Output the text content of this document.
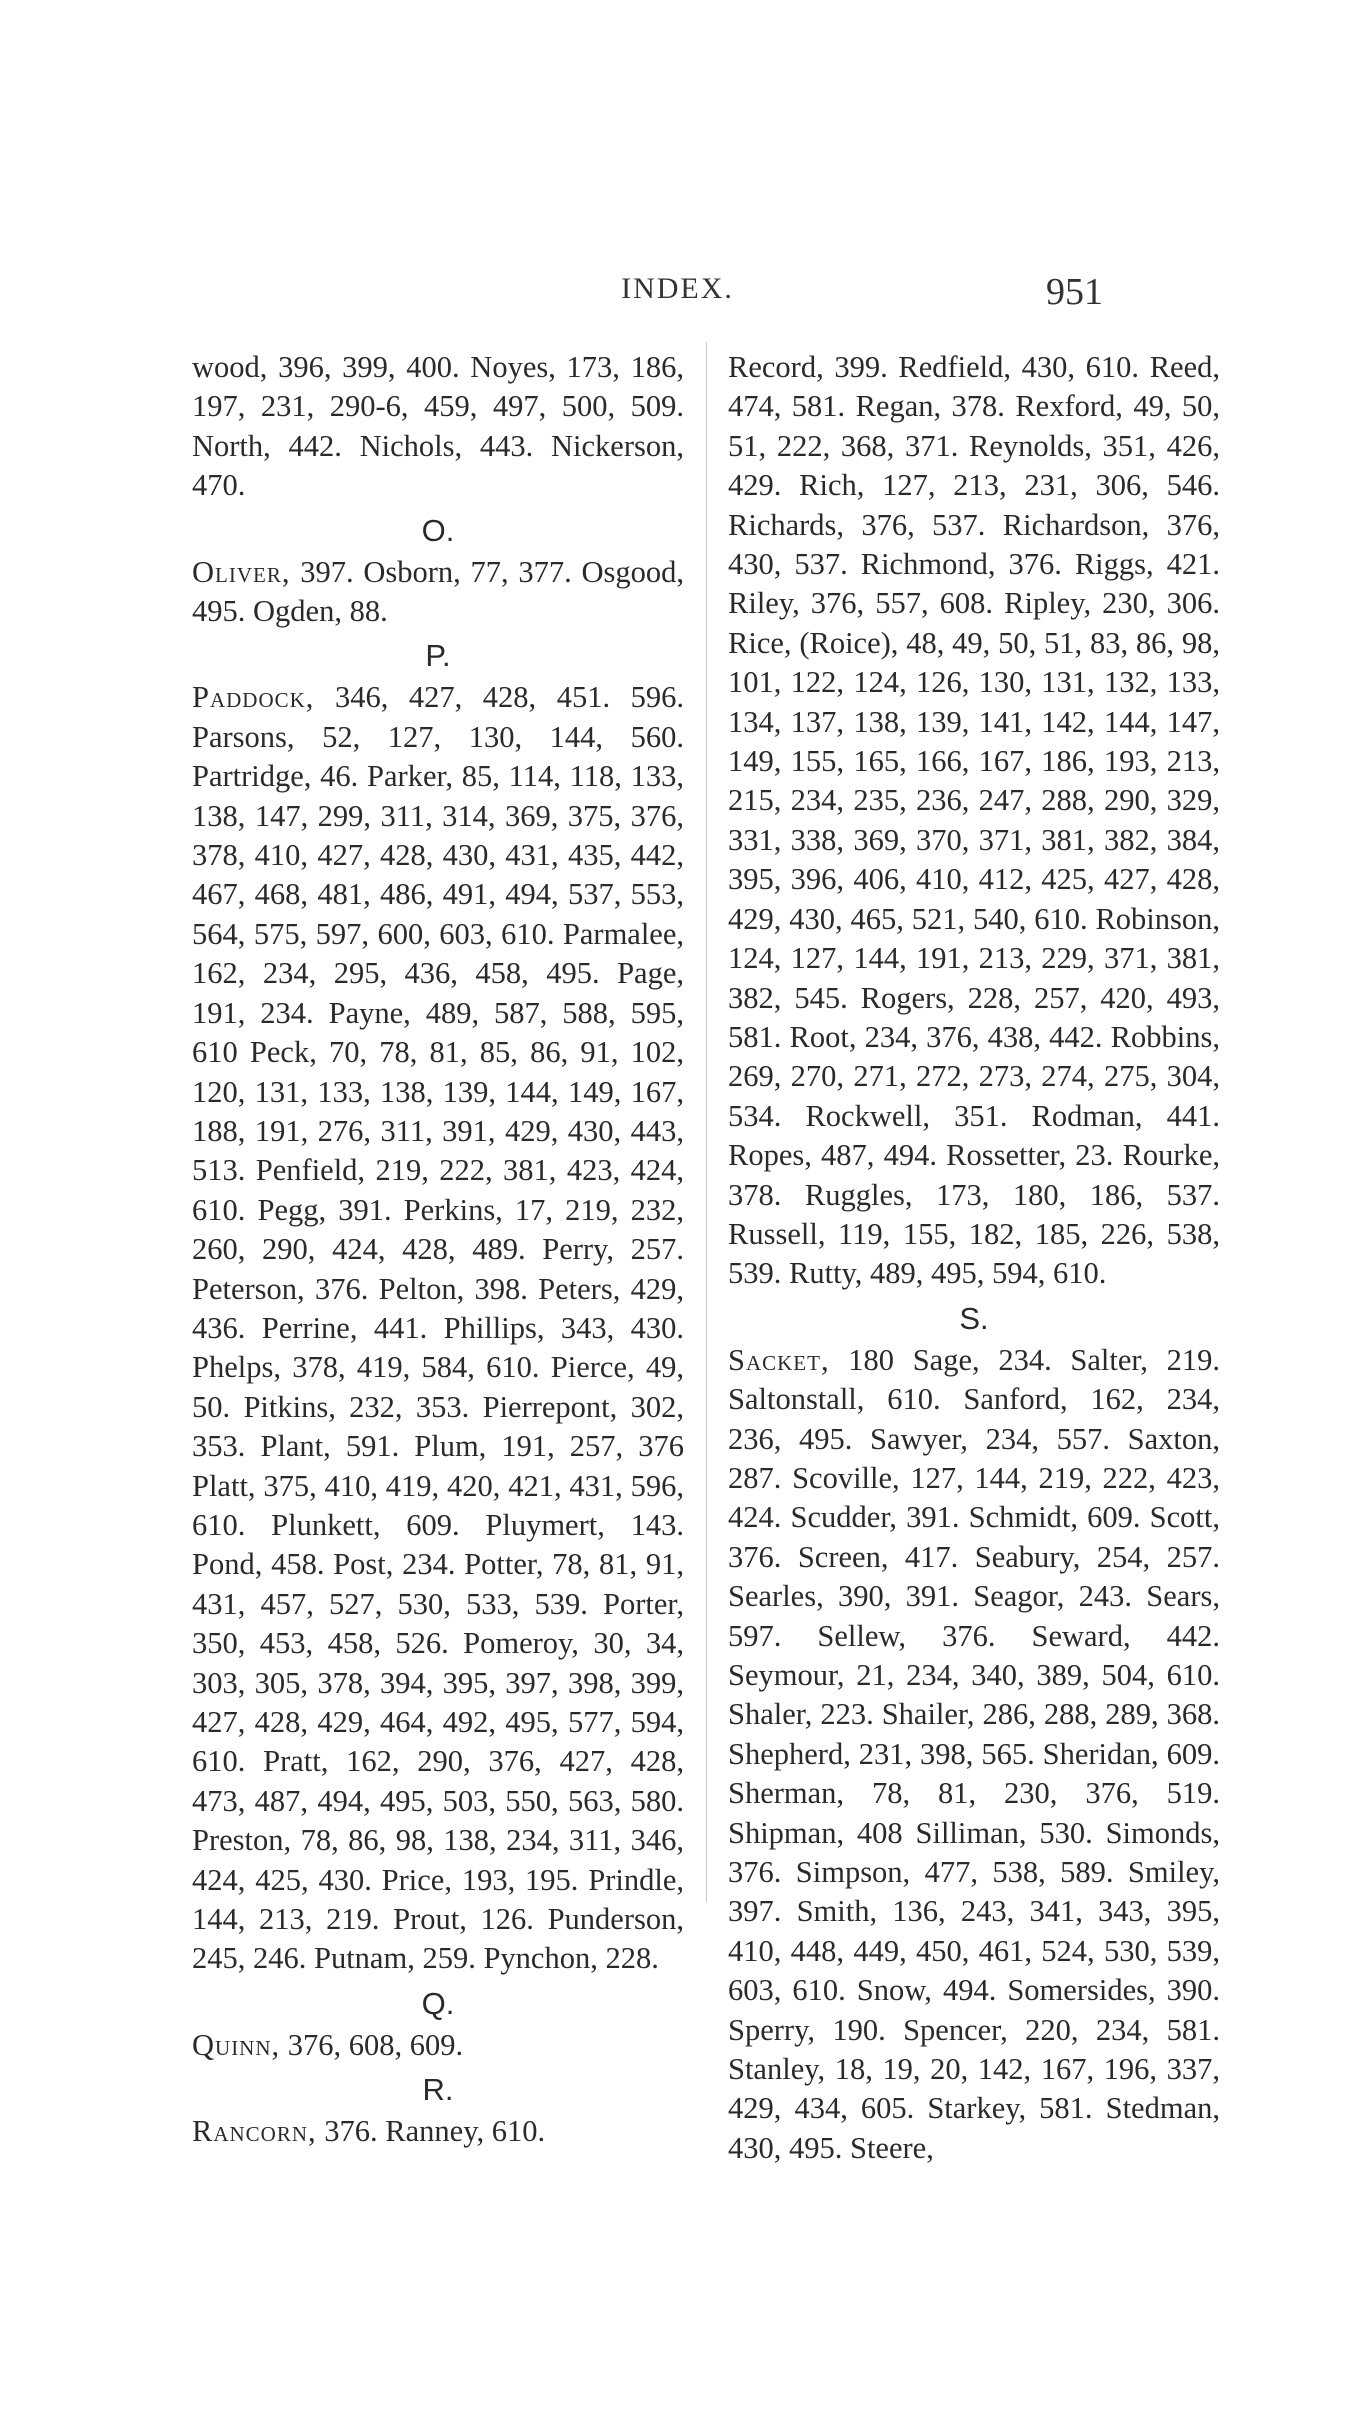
INDEX.	951

wood, 396, 399, 400. Noyes, 173, 186, 197, 231, 290-6, 459, 497, 500, 509. North, 442. Nichols, 443. Nickerson, 470.

O.

Oliver, 397. Osborn, 77, 377. Osgood, 495. Ogden, 88.

P.

Paddock, 346, 427, 428, 451. 596. Parsons, 52, 127, 130, 144, 560. Partridge, 46. Parker, 85, 114, 118, 133, 138, 147, 299, 311, 314, 369, 375, 376, 378, 410, 427, 428, 430, 431, 435, 442, 467, 468, 481, 486, 491, 494, 537, 553, 564, 575, 597, 600, 603, 610. Parmalee, 162, 234, 295, 436, 458, 495. Page, 191, 234. Payne, 489, 587, 588, 595, 610 Peck, 70, 78, 81, 85, 86, 91, 102, 120, 131, 133, 138, 139, 144, 149, 167, 188, 191, 276, 311, 391, 429, 430, 443, 513. Penfield, 219, 222, 381, 423, 424, 610. Pegg, 391. Perkins, 17, 219, 232, 260, 290, 424, 428, 489. Perry, 257. Peterson, 376. Pelton, 398. Peters, 429, 436. Perrine, 441. Phillips, 343, 430. Phelps, 378, 419, 584, 610. Pierce, 49, 50. Pitkins, 232, 353. Pierrepont, 302, 353. Plant, 591. Plum, 191, 257, 376 Platt, 375, 410, 419, 420, 421, 431, 596, 610. Plunkett, 609. Pluymert, 143. Pond, 458. Post, 234. Potter, 78, 81, 91, 431, 457, 527, 530, 533, 539. Porter, 350, 453, 458, 526. Pomeroy, 30, 34, 303, 305, 378, 394, 395, 397, 398, 399, 427, 428, 429, 464, 492, 495, 577, 594, 610. Pratt, 162, 290, 376, 427, 428, 473, 487, 494, 495, 503, 550, 563, 580. Preston, 78, 86, 98, 138, 234, 311, 346, 424, 425, 430. Price, 193, 195. Prindle, 144, 213, 219. Prout, 126. Punderson, 245, 246. Putnam, 259. Pynchon, 228.

Q.

Quinn, 376, 608, 609.

R.

Rancorn, 376. Ranney, 610.

Record, 399. Redfield, 430, 610. Reed, 474, 581. Regan, 378. Rexford, 49, 50, 51, 222, 368, 371. Reynolds, 351, 426, 429. Rich, 127, 213, 231, 306, 546. Richards, 376, 537. Richardson, 376, 430, 537. Richmond, 376. Riggs, 421. Riley, 376, 557, 608. Ripley, 230, 306. Rice, (Roice), 48, 49, 50, 51, 83, 86, 98, 101, 122, 124, 126, 130, 131, 132, 133, 134, 137, 138, 139, 141, 142, 144, 147, 149, 155, 165, 166, 167, 186, 193, 213, 215, 234, 235, 236, 247, 288, 290, 329, 331, 338, 369, 370, 371, 381, 382, 384, 395, 396, 406, 410, 412, 425, 427, 428, 429, 430, 465, 521, 540, 610. Robinson, 124, 127, 144, 191, 213, 229, 371, 381, 382, 545. Rogers, 228, 257, 420, 493, 581. Root, 234, 376, 438, 442. Robbins, 269, 270, 271, 272, 273, 274, 275, 304, 534. Rockwell, 351. Rodman, 441. Ropes, 487, 494. Rossetter, 23. Rourke, 378. Ruggles, 173, 180, 186, 537. Russell, 119, 155, 182, 185, 226, 538, 539. Rutty, 489, 495, 594, 610.

S.

Sacket, 180 Sage, 234. Salter, 219. Saltonstall, 610. Sanford, 162, 234, 236, 495. Sawyer, 234, 557. Saxton, 287. Scoville, 127, 144, 219, 222, 423, 424. Scudder, 391. Schmidt, 609. Scott, 376. Screen, 417. Seabury, 254, 257. Searles, 390, 391. Seagor, 243. Sears, 597. Sellew, 376. Seward, 442. Seymour, 21, 234, 340, 389, 504, 610. Shaler, 223. Shailer, 286, 288, 289, 368. Shepherd, 231, 398, 565. Sheridan, 609. Sherman, 78, 81, 230, 376, 519. Shipman, 408 Silliman, 530. Simonds, 376. Simpson, 477, 538, 589. Smiley, 397. Smith, 136, 243, 341, 343, 395, 410, 448, 449, 450, 461, 524, 530, 539, 603, 610. Snow, 494. Somersides, 390. Sperry, 190. Spencer, 220, 234, 581. Stanley, 18, 19, 20, 142, 167, 196, 337, 429, 434, 605. Starkey, 581. Stedman, 430, 495. Steere,
